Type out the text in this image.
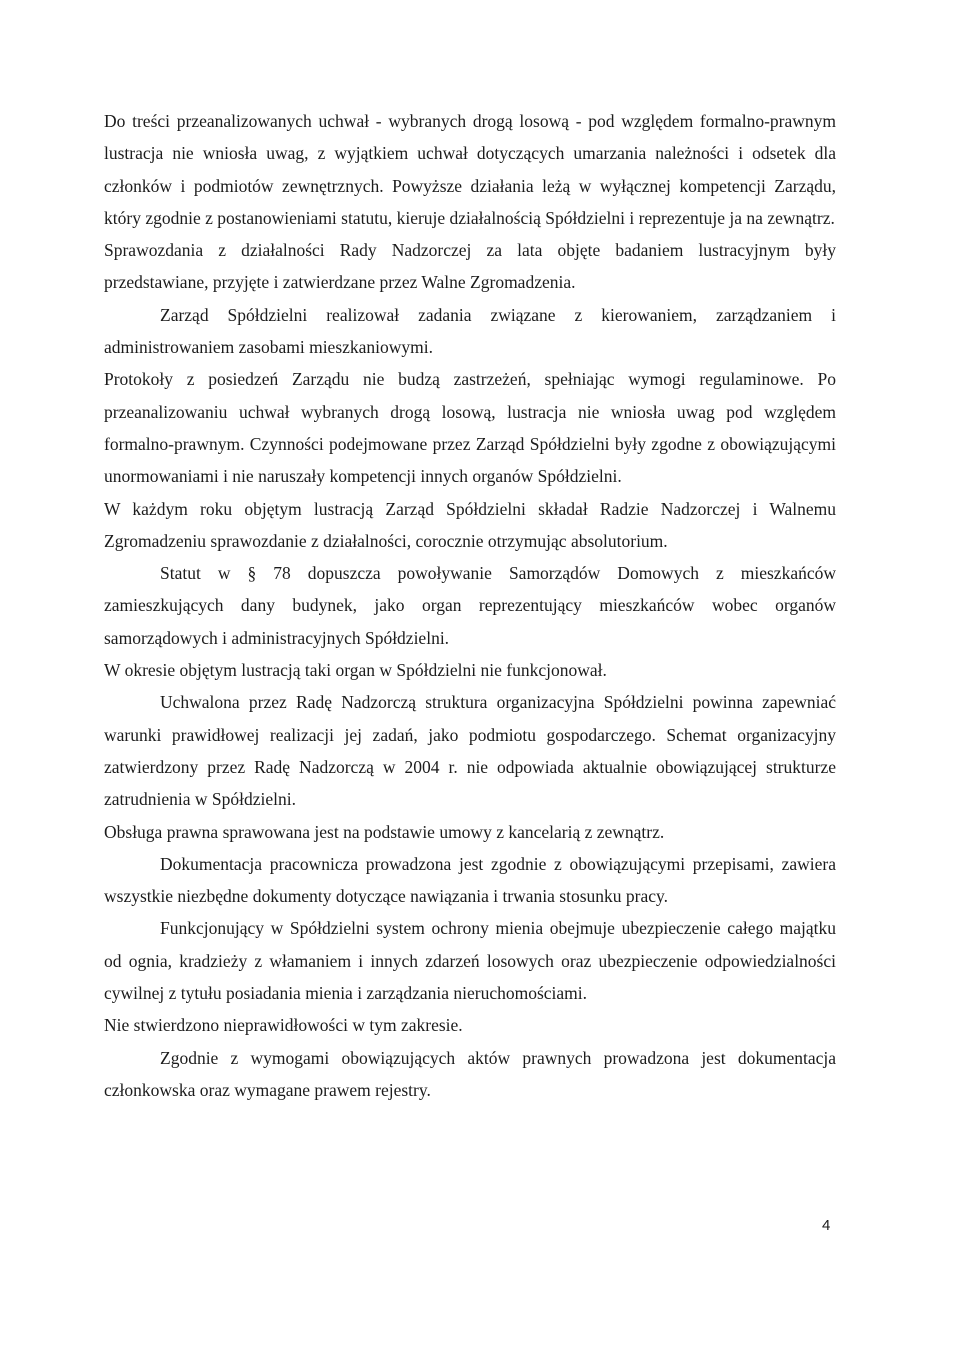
Do treści przeanalizowanych uchwał - wybranych drogą losową - pod względem formalno-prawnym lustracja nie wniosła uwag, z wyjątkiem uchwał dotyczących umarzania należności i odsetek dla członków i podmiotów zewnętrznych. Powyższe działania leżą w wyłącznej kompetencji Zarządu, który zgodnie z postanowieniami statutu, kieruje działalnością Spółdzielni i reprezentuje ja na zewnątrz.

Sprawozdania z działalności Rady Nadzorczej za lata objęte badaniem lustracyjnym były przedstawiane, przyjęte i zatwierdzane przez Walne Zgromadzenia.

Zarząd Spółdzielni realizował zadania związane z kierowaniem, zarządzaniem i administrowaniem zasobami mieszkaniowymi.

Protokoły z posiedzeń Zarządu nie budzą zastrzeżeń, spełniając wymogi regulaminowe. Po przeanalizowaniu uchwał wybranych drogą losową, lustracja nie wniosła uwag pod względem formalno-prawnym. Czynności podejmowane przez Zarząd Spółdzielni były zgodne z obowiązującymi unormowaniami i nie naruszały kompetencji innych organów Spółdzielni.

W każdym roku objętym lustracją Zarząd Spółdzielni składał Radzie Nadzorczej i Walnemu Zgromadzeniu sprawozdanie z działalności, corocznie otrzymując absolutorium.

Statut w § 78 dopuszcza powoływanie Samorządów Domowych z mieszkańców zamieszkujących dany budynek, jako organ reprezentujący mieszkańców wobec organów samorządowych i administracyjnych Spółdzielni.

W okresie objętym lustracją taki organ w Spółdzielni nie funkcjonował.

Uchwalona przez Radę Nadzorczą struktura organizacyjna Spółdzielni powinna zapewniać warunki prawidłowej realizacji jej zadań, jako podmiotu gospodarczego. Schemat organizacyjny zatwierdzony przez Radę Nadzorczą w 2004 r. nie odpowiada aktualnie obowiązującej strukturze zatrudnienia w Spółdzielni.

Obsługa prawna sprawowana jest na podstawie umowy z kancelarią z zewnątrz.

Dokumentacja pracownicza prowadzona jest zgodnie z obowiązującymi przepisami, zawiera wszystkie niezbędne dokumenty dotyczące nawiązania i trwania stosunku pracy.

Funkcjonujący w Spółdzielni system ochrony mienia obejmuje ubezpieczenie całego majątku od ognia, kradzieży z włamaniem i innych zdarzeń losowych oraz ubezpieczenie odpowiedzialności cywilnej z tytułu posiadania mienia i zarządzania nieruchomościami.

Nie stwierdzono nieprawidłowości w tym zakresie.

Zgodnie z wymogami obowiązujących aktów prawnych prowadzona jest dokumentacja członkowska oraz wymagane prawem rejestry.

4
